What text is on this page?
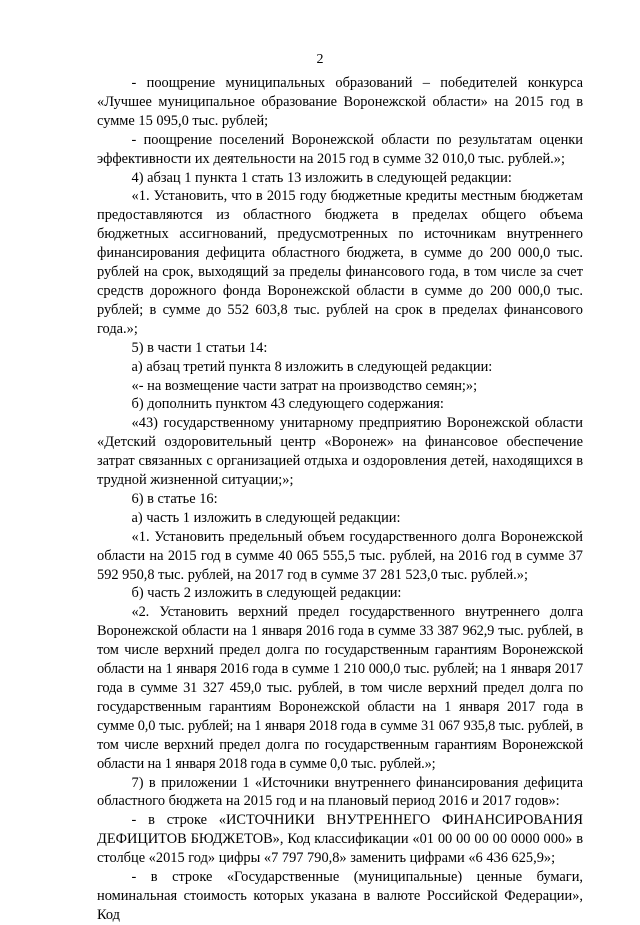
2

- поощрение муниципальных образований – победителей конкурса «Лучшее муниципальное образование Воронежской области» на 2015 год в сумме 15 095,0 тыс. рублей;

- поощрение поселений Воронежской области по результатам оценки эффективности их деятельности на 2015 год в сумме 32 010,0 тыс. рублей.»;

4) абзац 1 пункта 1 стать 13 изложить в следующей редакции:

«1. Установить, что в 2015 году бюджетные кредиты местным бюджетам предоставляются из областного бюджета в пределах общего объема бюджетных ассигнований, предусмотренных по источникам внутреннего финансирования дефицита областного бюджета, в сумме до 200 000,0 тыс. рублей на срок, выходящий за пределы финансового года, в том числе за счет средств дорожного фонда Воронежской области в сумме до 200 000,0 тыс. рублей; в сумме до 552 603,8 тыс. рублей на срок в пределах финансового года.»;

5) в части 1 статьи 14:

а) абзац третий пункта 8 изложить в следующей редакции:

«- на возмещение части затрат на производство семян;»;

б) дополнить пунктом 43 следующего содержания:

«43) государственному унитарному предприятию Воронежской области «Детский оздоровительный центр «Воронеж» на финансовое обеспечение затрат связанных с организацией отдыха и оздоровления детей, находящихся в трудной жизненной ситуации;»;

6) в статье 16:

а) часть 1 изложить в следующей редакции:

«1. Установить предельный объем государственного долга Воронежской области на 2015 год в сумме 40 065 555,5 тыс. рублей, на 2016 год в сумме 37 592 950,8 тыс. рублей, на 2017 год в сумме 37 281 523,0 тыс. рублей.»;

б) часть 2 изложить в следующей редакции:

«2. Установить верхний предел государственного внутреннего долга Воронежской области на 1 января 2016 года в сумме 33 387 962,9 тыс. рублей, в том числе верхний предел долга по государственным гарантиям Воронежской области на 1 января 2016 года в сумме 1 210 000,0 тыс. рублей; на 1 января 2017 года в сумме 31 327 459,0 тыс. рублей, в том числе верхний предел долга по государственным гарантиям Воронежской области на 1 января 2017 года в сумме 0,0 тыс. рублей; на 1 января 2018 года в сумме 31 067 935,8 тыс. рублей, в том числе верхний предел долга по государственным гарантиям Воронежской области на 1 января 2018 года в сумме 0,0 тыс. рублей.»;

7) в приложении 1 «Источники внутреннего финансирования дефицита областного бюджета на 2015 год и на плановый период 2016 и 2017 годов»:

- в строке «ИСТОЧНИКИ ВНУТРЕННЕГО ФИНАНСИРОВАНИЯ ДЕФИЦИТОВ БЮДЖЕТОВ», Код классификации «01 00 00 00 00 0000 000» в столбце «2015 год» цифры «7 797 790,8» заменить цифрами «6 436 625,9»;

- в строке «Государственные (муниципальные) ценные бумаги, номинальная стоимость которых указана в валюте Российской Федерации», Код
